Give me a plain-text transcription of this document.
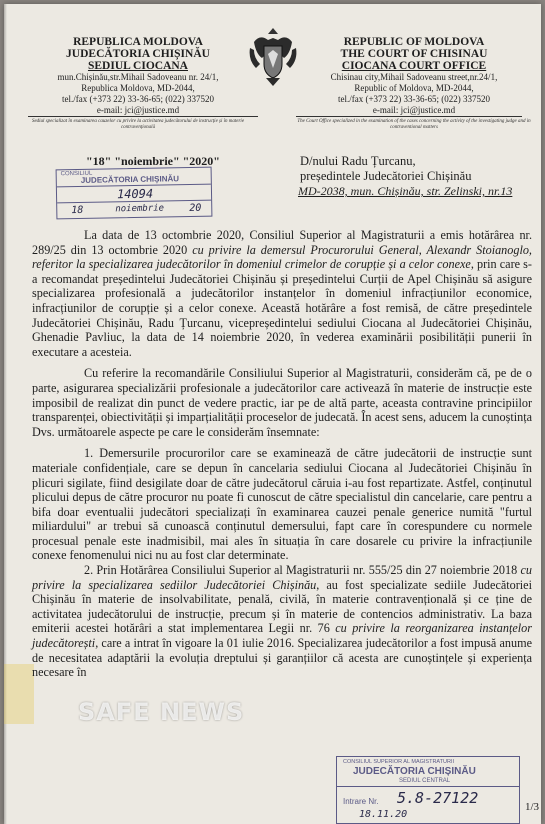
REPUBLICA MOLDOVA
JUDECĂTORIA CHIȘINĂU
SEDIUL CIOCANA
mun.Chișinău,str.Mihail Sadoveanu nr. 24/1,
Republica Moldova, MD-2044,
tel./fax (+373 22) 33-36-65; (022) 337520
e-mail: jci@justice.md
Sediul specializat în examinarea cauzelor cu privire la activitatea judecătorului de instrucție și în materie contravențională
REPUBLIC OF MOLDOVA
THE COURT OF CHISINAU
CIOCANA COURT OFFICE
Chisinau city,Mihail Sadoveanu street,nr.24/1,
Republic of Moldova, MD-2044,
tel./fax (+373 22) 33-36-65; (022) 337520
e-mail: jci@justice.md
The Court Office specialized in the examination of the cases concerning the activity of the investigating judge and in contraventional matters
"18" "noiembrie" "2020"
CONSILIUL
JUDECĂTORIA CHIȘINĂU
14094
18	noiembrie	20
D/nului Radu Țurcanu,
președintele Judecătoriei Chișinău
MD-2038, mun. Chișinău, str. Zelinski, nr.13

La data de 13 octombrie 2020, Consiliul Superior al Magistraturii a emis hotărârea nr. 289/25 din 13 octombrie 2020 cu privire la demersul Procurorului General, Alexandr Stoianoglo, referitor la specializarea judecătorilor în domeniul crimelor de corupție și a celor conexe, prin care s-a recomandat președintelui Judecătoriei Chișinău și președintelui Curții de Apel Chișinău să asigure specializarea profesională a judecătorilor instanțelor în domeniul infracțiunilor economice, infracțiunilor de corupție și a celor conexe. Această hotărâre a fost remisă, de către președintele Judecătoriei Chișinău, Radu Țurcanu, vicepreședintelui sediului Ciocana al Judecătoriei Chișinău, Ghenadie Pavliuc, la data de 14 noiembrie 2020, în vederea examinării posibilității punerii în executare a acesteia.

Cu referire la recomandările Consiliului Superior al Magistraturii, considerăm că, pe de o parte, asigurarea specializării profesionale a judecătorilor care activează în materie de instrucție este imposibil de realizat din punct de vedere practic, iar pe de altă parte, aceasta contravine principiilor transparenței, obiectivității și imparțialității proceselor de judecată. În acest sens, aducem la cunoștința Dvs. următoarele aspecte pe care le considerăm însemnate:

1. Demersurile procurorilor care se examinează de către judecătorii de instrucție sunt materiale confidențiale, care se depun în cancelaria sediului Ciocana al Judecătoriei Chișinău în plicuri sigilate, fiind desigilate doar de către judecătorul căruia i-au fost repartizate. Astfel, conținutul plicului depus de către procuror nu poate fi cunoscut de către specialistul din cancelarie, care pentru a bifa doar eventualii judecători specializați în examinarea cauzei penale generice numită "furtul miliardului" ar trebui să cunoască conținutul demersului, fapt care în corespundere cu normele procesual penale este inadmisibil, mai ales în situația în care dosarele cu privire la infracțiunile conexe fenomenului nici nu au fost clar determinate.

2. Prin Hotărârea Consiliului Superior al Magistraturii nr. 555/25 din 27 noiembrie 2018 cu privire la specializarea sediilor Judecătoriei Chișinău, au fost specializate sediile Judecătoriei Chișinău în materie de insolvabilitate, penală, civilă, în materie contravențională și ce ține de activitatea judecătorului de instrucție, precum și în materie de contencios administrativ. La baza emiterii acestei hotărâri a stat implementarea Legii nr. 76 cu privire la reorganizarea instanțelor judecătorești, care a intrat în vigoare la 01 iulie 2016. Specializarea judecătorilor a fost impusă anume de necesitatea adaptării la evoluția dreptului și garanțiilor că acesta are cunoștințele și experiența necesare în

SAFE NEWS
CONSILIUL SUPERIOR AL MAGISTRATURII
JUDECĂTORIA CHIȘINĂU
SEDIUL CENTRAL
Intrare Nr. 5.8-27122
18.11.20
1/3
